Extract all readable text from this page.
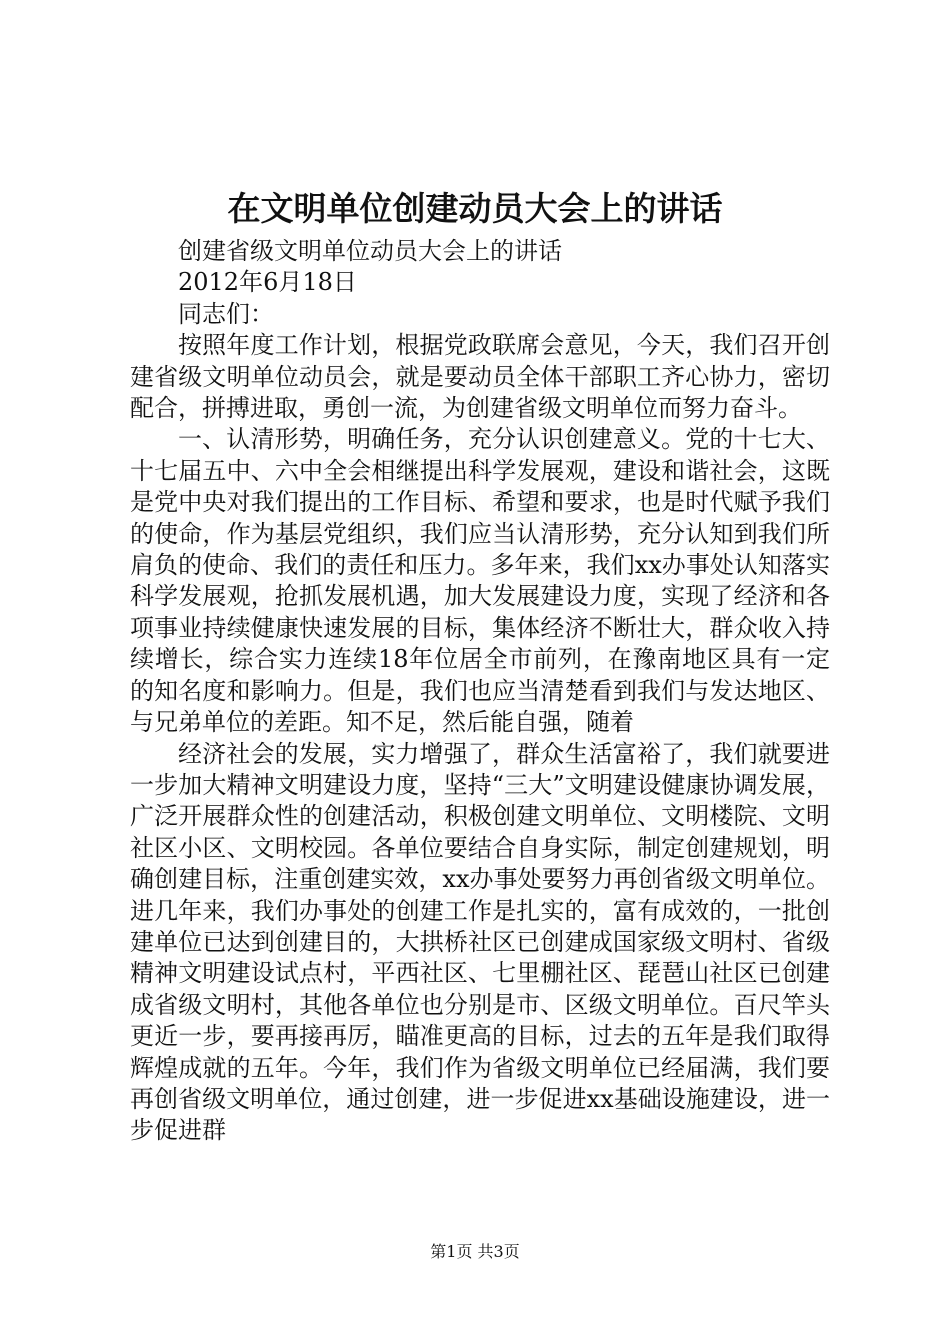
在文明单位创建动员大会上的讲话

创建省级文明单位动员大会上的讲话

2012年6月18日

同志们：

按照年度工作计划，根据党政联席会意见，今天，我们召开创建省级文明单位动员会，就是要动员全体干部职工齐心协力，密切配合，拼搏进取，勇创一流，为创建省级文明单位而努力奋斗。

一、认清形势，明确任务，充分认识创建意义。党的十七大、十七届五中、六中全会相继提出科学发展观，建设和谐社会，这既是党中央对我们提出的工作目标、希望和要求，也是时代赋予我们的使命，作为基层党组织，我们应当认清形势，充分认知到我们所肩负的使命、我们的责任和压力。多年来，我们xx办事处认知落实科学发展观，抢抓发展机遇，加大发展建设力度，实现了经济和各项事业持续健康快速发展的目标，集体经济不断壮大，群众收入持续增长，综合实力连续18年位居全市前列，在豫南地区具有一定的知名度和影响力。但是，我们也应当清楚看到我们与发达地区、与兄弟单位的差距。知不足，然后能自强，随着

经济社会的发展，实力增强了，群众生活富裕了，我们就要进一步加大精神文明建设力度，坚持“三大”文明建设健康协调发展，广泛开展群众性的创建活动，积极创建文明单位、文明楼院、文明社区小区、文明校园。各单位要结合自身实际，制定创建规划，明确创建目标，注重创建实效，xx办事处要努力再创省级文明单位。进几年来，我们办事处的创建工作是扎实的，富有成效的，一批创建单位已达到创建目的，大拱桥社区已创建成国家级文明村、省级精神文明建设试点村，平西社区、七里棚社区、琵琶山社区已创建成省级文明村，其他各单位也分别是市、区级文明单位。百尺竿头更近一步，要再接再厉，瞄准更高的目标，过去的五年是我们取得辉煌成就的五年。今年，我们作为省级文明单位已经届满，我们要再创省级文明单位，通过创建，进一步促进xx基础设施建设，进一步促进群

第1页 共3页
